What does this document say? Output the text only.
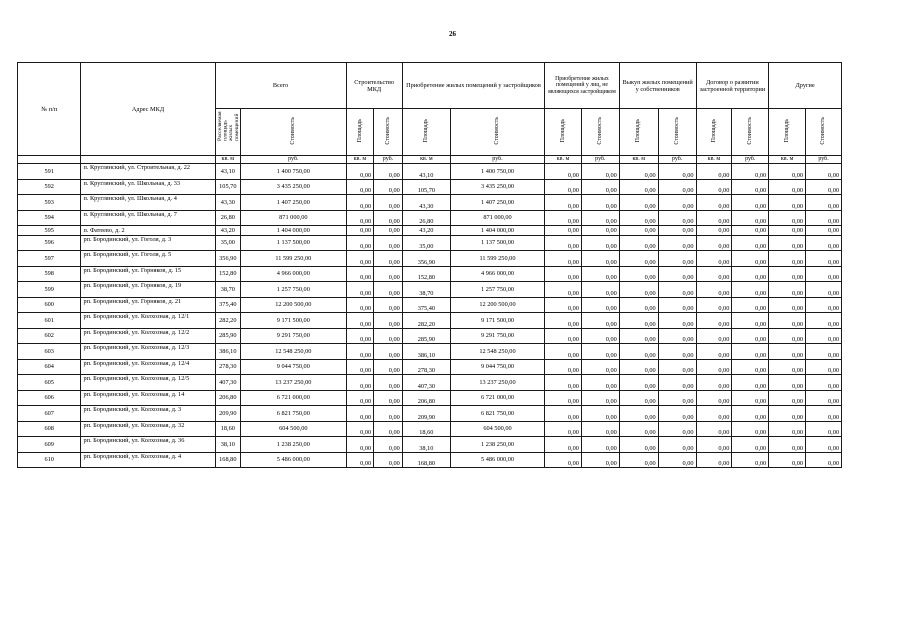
26
№ п/п	Адрес МКД	Всего		Строительство МКД		Приобретение жилых помещений у застройщиков		Приобретение жилых помещений у лиц, не являющихся застройщиком		Выкуп жилых помещений у собственников		Договор о развитии застроенной территории		Другие	
		Расселяемая площадь жилых помещений	Стоимость	Площадь	Стоимость	Площадь	Стоимость	Площадь	Стоимость	Площадь	Стоимость	Площадь	Стоимость	Площадь	Стоимость
		кв. м	руб.	кв. м	руб.	кв. м	руб.	кв. м	руб.	кв. м	руб.	кв. м	руб.	кв. м	руб.
591	п. Круглянский, ул. Строительная, д. 22	43,10	1 400 750,00	0,00	0,00	43,10	1 400 750,00	0,00	0,00	0,00	0,00	0,00	0,00	0,00	0,00
592	п. Круглянский, ул. Школьная, д. 33	105,70	3 435 250,00	0,00	0,00	105,70	3 435 250,00	0,00	0,00	0,00	0,00	0,00	0,00	0,00	0,00
593	п. Круглянский, ул. Школьная, д. 4	43,30	1 407 250,00	0,00	0,00	43,30	1 407 250,00	0,00	0,00	0,00	0,00	0,00	0,00	0,00	0,00
594	п. Круглянский, ул. Школьная, д. 7	26,80	871 000,00	0,00	0,00	26,80	871 000,00	0,00	0,00	0,00	0,00	0,00	0,00	0,00	0,00
595	п. Фатеево, д. 2	43,20	1 404 000,00	0,00	0,00	43,20	1 404 000,00	0,00	0,00	0,00	0,00	0,00	0,00	0,00	0,00
596	рп. Бородинский, ул. Гоголя, д. 3	35,00	1 137 500,00	0,00	0,00	35,00	1 137 500,00	0,00	0,00	0,00	0,00	0,00	0,00	0,00	0,00
597	рп. Бородинский, ул. Гоголя, д. 5	356,90	11 599 250,00	0,00	0,00	356,90	11 599 250,00	0,00	0,00	0,00	0,00	0,00	0,00	0,00	0,00
598	рп. Бородинский, ул. Горняков, д. 15	152,80	4 966 000,00	0,00	0,00	152,80	4 966 000,00	0,00	0,00	0,00	0,00	0,00	0,00	0,00	0,00
599	рп. Бородинский, ул. Горняков, д. 19	38,70	1 257 750,00	0,00	0,00	38,70	1 257 750,00	0,00	0,00	0,00	0,00	0,00	0,00	0,00	0,00
600	рп. Бородинский, ул. Горняков, д. 21	375,40	12 200 500,00	0,00	0,00	375,40	12 200 500,00	0,00	0,00	0,00	0,00	0,00	0,00	0,00	0,00
601	рп. Бородинский, ул. Колхозная, д. 12/1	282,20	9 171 500,00	0,00	0,00	282,20	9 171 500,00	0,00	0,00	0,00	0,00	0,00	0,00	0,00	0,00
602	рп. Бородинский, ул. Колхозная, д. 12/2	285,90	9 291 750,00	0,00	0,00	285,90	9 291 750,00	0,00	0,00	0,00	0,00	0,00	0,00	0,00	0,00
603	рп. Бородинский, ул. Колхозная, д. 12/3	386,10	12 548 250,00	0,00	0,00	386,10	12 548 250,00	0,00	0,00	0,00	0,00	0,00	0,00	0,00	0,00
604	рп. Бородинский, ул. Колхозная, д. 12/4	278,30	9 044 750,00	0,00	0,00	278,30	9 044 750,00	0,00	0,00	0,00	0,00	0,00	0,00	0,00	0,00
605	рп. Бородинский, ул. Колхозная, д. 12/5	407,30	13 237 250,00	0,00	0,00	407,30	13 237 250,00	0,00	0,00	0,00	0,00	0,00	0,00	0,00	0,00
606	рп. Бородинский, ул. Колхозная, д. 14	206,80	6 721 000,00	0,00	0,00	206,80	6 721 000,00	0,00	0,00	0,00	0,00	0,00	0,00	0,00	0,00
607	рп. Бородинский, ул. Колхозная, д. 3	209,90	6 821 750,00	0,00	0,00	209,90	6 821 750,00	0,00	0,00	0,00	0,00	0,00	0,00	0,00	0,00
608	рп. Бородинский, ул. Колхозная, д. 32	18,60	604 500,00	0,00	0,00	18,60	604 500,00	0,00	0,00	0,00	0,00	0,00	0,00	0,00	0,00
609	рп. Бородинский, ул. Колхозная, д. 36	38,10	1 238 250,00	0,00	0,00	38,10	1 238 250,00	0,00	0,00	0,00	0,00	0,00	0,00	0,00	0,00
610	рп. Бородинский, ул. Колхозная, д. 4	168,80	5 486 000,00	0,00	0,00	168,80	5 486 000,00	0,00	0,00	0,00	0,00	0,00	0,00	0,00	0,00
